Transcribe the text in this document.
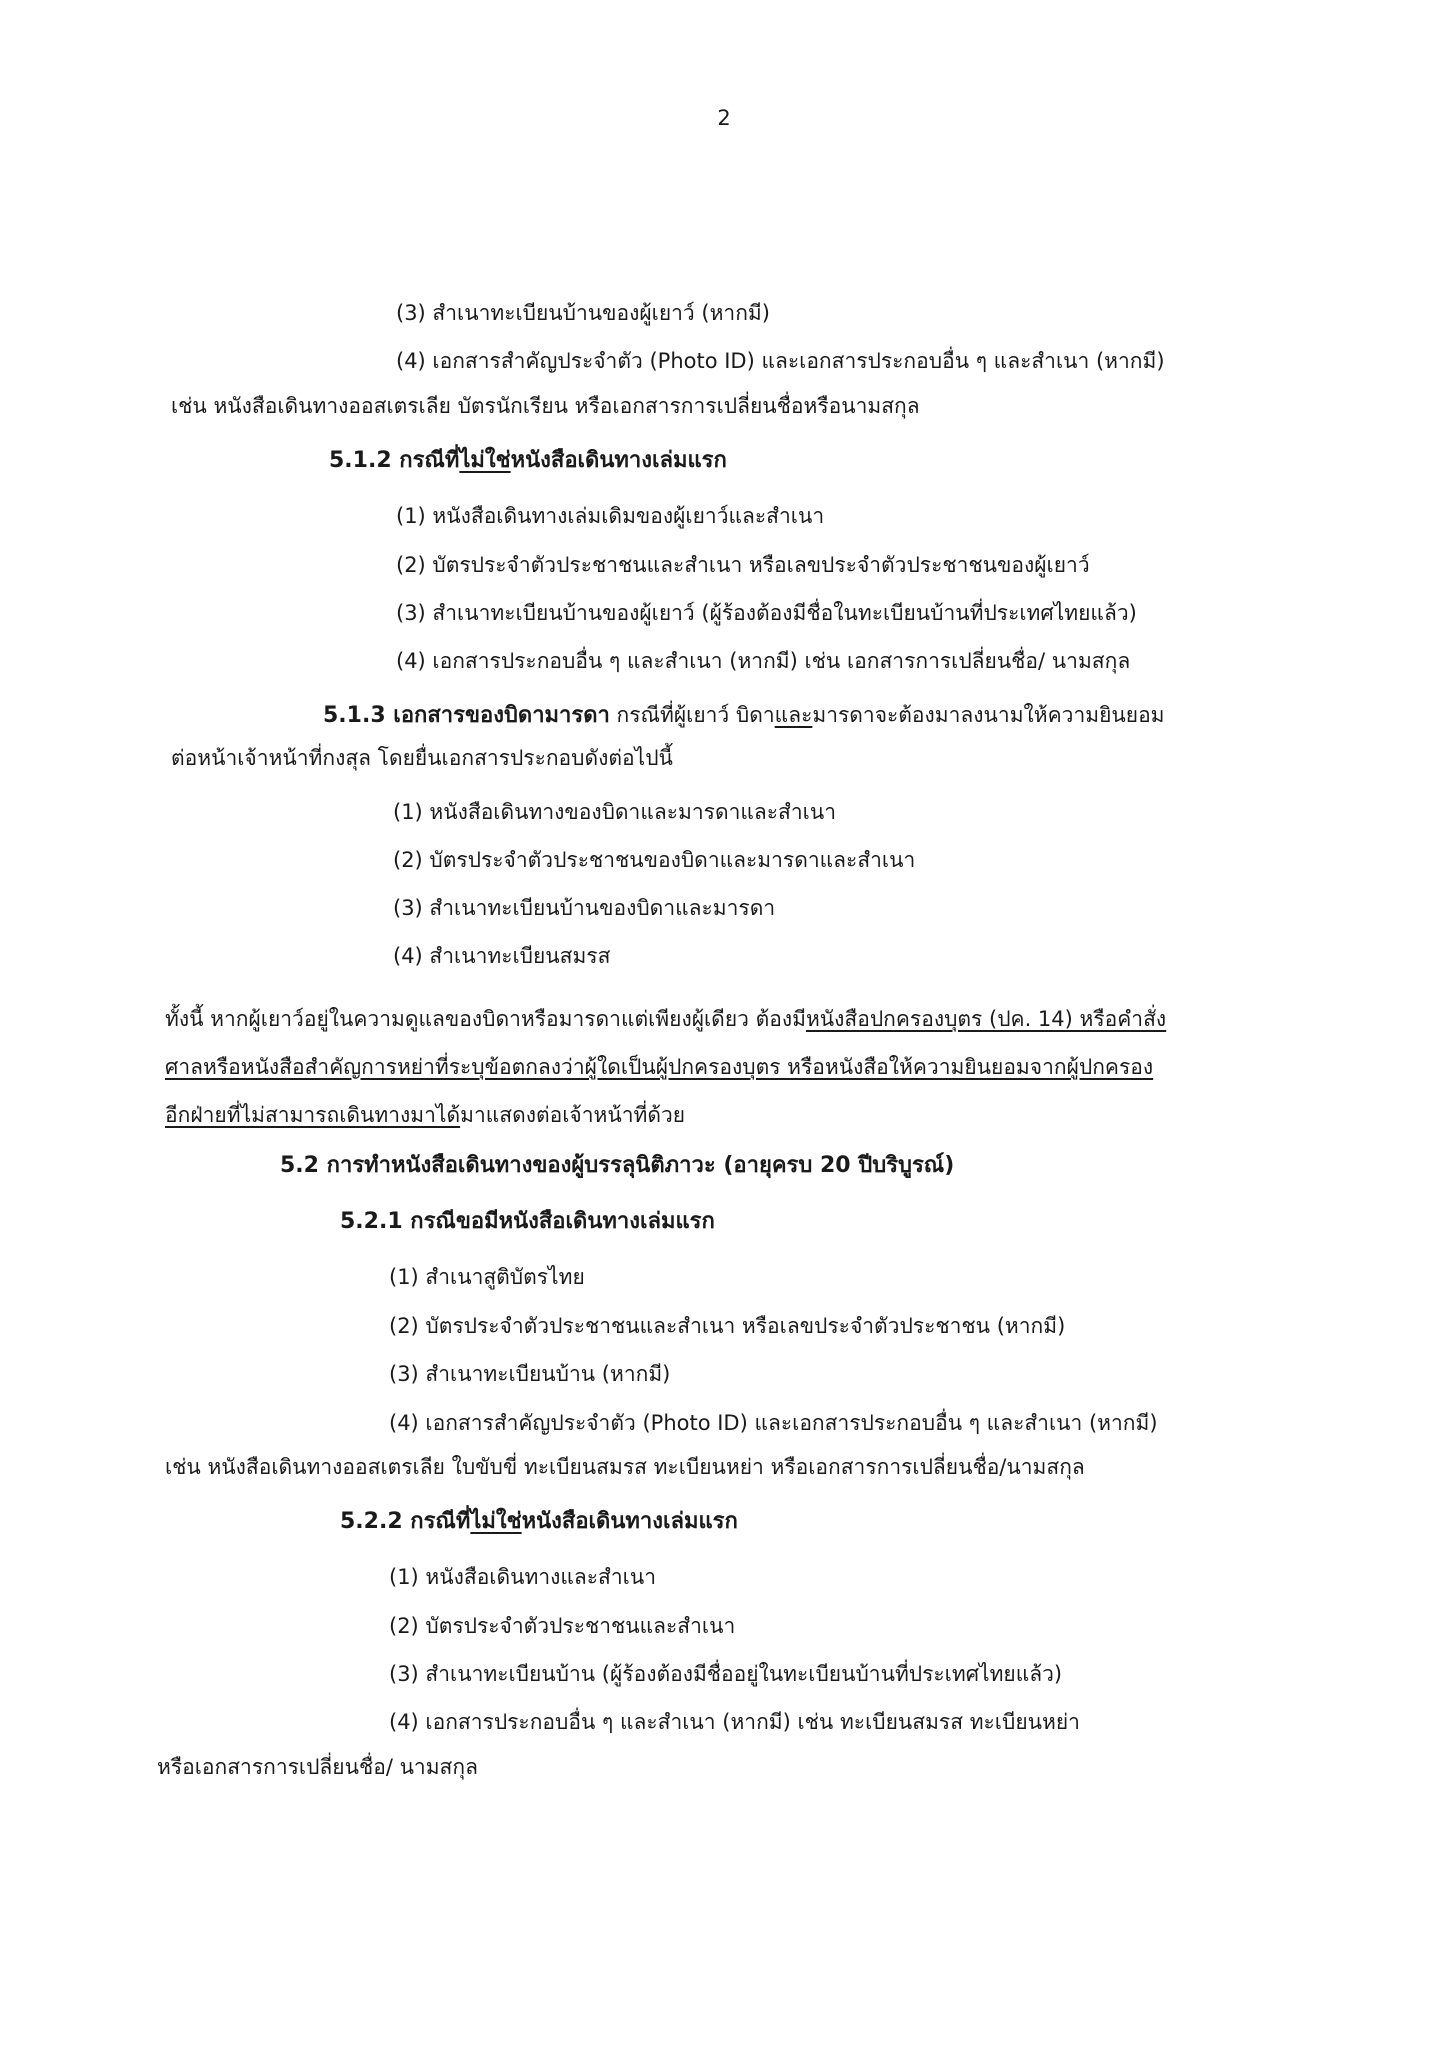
2
(3) สำเนาทะเบียนบ้านของผู้เยาว์ (หากมี)
(4) เอกสารสำคัญประจำตัว (Photo ID) และเอกสารประกอบอื่น ๆ และสำเนา (หากมี)
เช่น หนังสือเดินทางออสเตรเลีย บัตรนักเรียน หรือเอกสารการเปลี่ยนชื่อหรือนามสกุล
5.1.2 กรณีที่ไม่ใช่หนังสือเดินทางเล่มแรก
(1) หนังสือเดินทางเล่มเดิมของผู้เยาว์และสำเนา
(2) บัตรประจำตัวประชาชนและสำเนา หรือเลขประจำตัวประชาชนของผู้เยาว์
(3) สำเนาทะเบียนบ้านของผู้เยาว์ (ผู้ร้องต้องมีชื่อในทะเบียนบ้านที่ประเทศไทยแล้ว)
(4) เอกสารประกอบอื่น ๆ และสำเนา (หากมี) เช่น เอกสารการเปลี่ยนชื่อ/ นามสกุล
5.1.3 เอกสารของบิดามารดา กรณีที่ผู้เยาว์ บิดาและมารดาจะต้องมาลงนามให้ความยินยอม
ต่อหน้าเจ้าหน้าที่กงสุล โดยยื่นเอกสารประกอบดังต่อไปนี้
(1) หนังสือเดินทางของบิดาและมารดาและสำเนา
(2) บัตรประจำตัวประชาชนของบิดาและมารดาและสำเนา
(3) สำเนาทะเบียนบ้านของบิดาและมารดา
(4) สำเนาทะเบียนสมรส
ทั้งนี้ หากผู้เยาว์อยู่ในความดูแลของบิดาหรือมารดาแต่เพียงผู้เดียว ต้องมีหนังสือปกครองบุตร (ปค. 14) หรือคำสั่ง
ศาลหรือหนังสือสำคัญการหย่าที่ระบุข้อตกลงว่าผู้ใดเป็นผู้ปกครองบุตร หรือหนังสือให้ความยินยอมจากผู้ปกครอง
อีกฝ่ายที่ไม่สามารถเดินทางมาได้มาแสดงต่อเจ้าหน้าที่ด้วย
5.2 การทำหนังสือเดินทางของผู้บรรลุนิติภาวะ (อายุครบ 20 ปีบริบูรณ์)
5.2.1 กรณีขอมีหนังสือเดินทางเล่มแรก
(1) สำเนาสูติบัตรไทย
(2) บัตรประจำตัวประชาชนและสำเนา หรือเลขประจำตัวประชาชน (หากมี)
(3) สำเนาทะเบียนบ้าน (หากมี)
(4) เอกสารสำคัญประจำตัว (Photo ID) และเอกสารประกอบอื่น ๆ และสำเนา (หากมี)
เช่น หนังสือเดินทางออสเตรเลีย ใบขับขี่ ทะเบียนสมรส ทะเบียนหย่า หรือเอกสารการเปลี่ยนชื่อ/นามสกุล
5.2.2 กรณีที่ไม่ใช่หนังสือเดินทางเล่มแรก
(1) หนังสือเดินทางและสำเนา
(2) บัตรประจำตัวประชาชนและสำเนา
(3) สำเนาทะเบียนบ้าน (ผู้ร้องต้องมีชื่ออยู่ในทะเบียนบ้านที่ประเทศไทยแล้ว)
(4) เอกสารประกอบอื่น ๆ และสำเนา (หากมี) เช่น ทะเบียนสมรส ทะเบียนหย่า
หรือเอกสารการเปลี่ยนชื่อ/ นามสกุล
